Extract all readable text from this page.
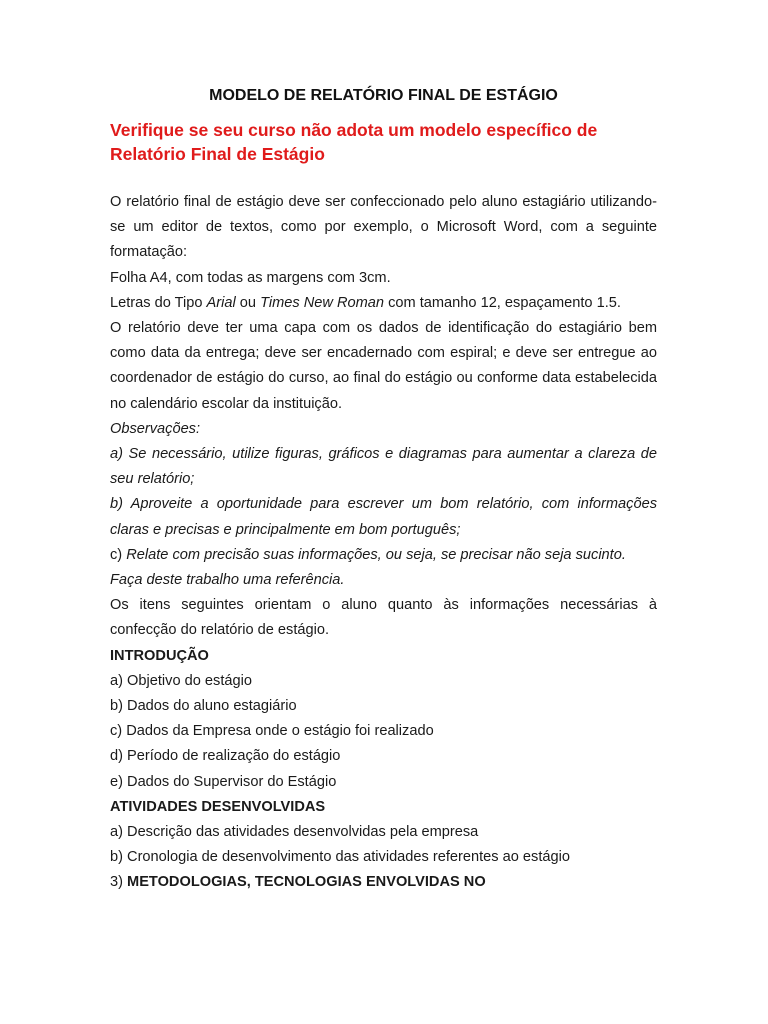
MODELO DE RELATÓRIO FINAL DE ESTÁGIO
Verifique se seu curso não adota um modelo específico de Relatório Final de Estágio

O relatório final de estágio deve ser confeccionado pelo aluno estagiário utilizando-se um editor de textos, como por exemplo, o Microsoft Word, com a seguinte formatação:

Folha A4, com todas as margens com 3cm.

Letras do Tipo Arial ou Times New Roman com tamanho 12, espaçamento 1.5.

O relatório deve ter uma capa com os dados de identificação do estagiário bem como data da entrega; deve ser encadernado com espiral; e deve ser entregue ao coordenador de estágio do curso, ao final do estágio ou conforme data estabelecida no calendário escolar da instituição.

Observações:

a) Se necessário, utilize figuras, gráficos e diagramas para aumentar a clareza de seu relatório;

b) Aproveite a oportunidade para escrever um bom relatório, com informações claras e precisas e principalmente em bom português;

c) Relate com precisão suas informações, ou seja, se precisar não seja sucinto.

Faça deste trabalho uma referência.

Os itens seguintes orientam o aluno quanto às informações necessárias à confecção do relatório de estágio.

INTRODUÇÃO

a) Objetivo do estágio

b) Dados do aluno estagiário

c) Dados da Empresa onde o estágio foi realizado

d) Período de realização do estágio

e) Dados do Supervisor do Estágio

ATIVIDADES DESENVOLVIDAS

a) Descrição das atividades desenvolvidas pela empresa

b) Cronologia de desenvolvimento das atividades referentes ao estágio

3) METODOLOGIAS, TECNOLOGIAS ENVOLVIDAS NO
